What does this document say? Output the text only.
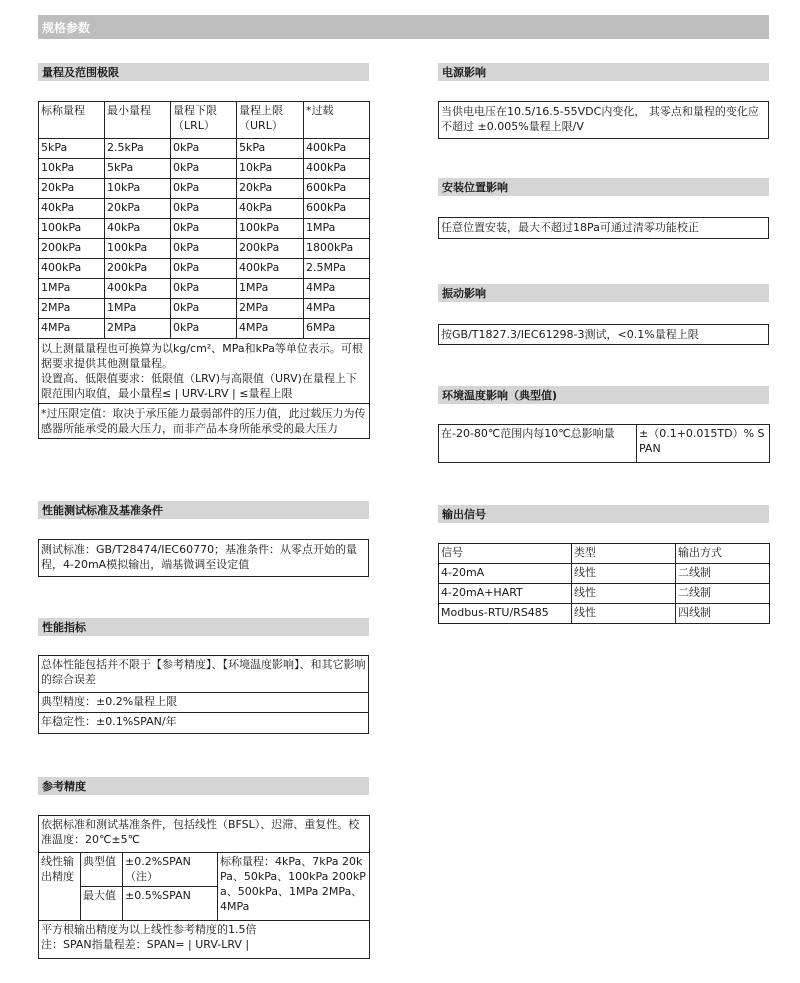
规格参数
量程及范围极限
标称量程	最小量程	量程下限（LRL）	量程上限（URL）	*过载
5kPa	2.5kPa	0kPa	5kPa	400kPa
10kPa	5kPa	0kPa	10kPa	400kPa
20kPa	10kPa	0kPa	20kPa	600kPa
40kPa	20kPa	0kPa	40kPa	600kPa
100kPa	40kPa	0kPa	100kPa	1MPa
200kPa	100kPa	0kPa	200kPa	1800kPa
400kPa	200kPa	0kPa	400kPa	2.5MPa
1MPa	400kPa	0kPa	1MPa	4MPa
2MPa	1MPa	0kPa	2MPa	4MPa
4MPa	2MPa	0kPa	4MPa	6MPa

以上测量量程也可换算为以kg/cm²、MPa和kPa等单位表示。可根据要求提供其他测量量程。
设置高、低限值要求：低限值（LRV)与高限值（URV)在量程上下限范围内取值，最小量程≤ | URV-LRV | ≤量程上限				

*过压限定值：取决于承压能力最弱部件的压力值，此过载压力为传感器所能承受的最大压力，而非产品本身所能承受的最大压力				
性能测试标准及基准条件
测试标准：GB/T28474/IEC60770；基准条件：从零点开始的量程，4-20mA模拟输出，端基微调至设定值
性能指标
总体性能包括并不限于【参考精度】、【环境温度影响】、和其它影响的综合误差
典型精度：±0.2%量程上限
年稳定性：±0.1%SPAN/年
参考精度
依据标准和测试基准条件，包括线性（BFSL）、迟滞、重复性。校准温度：20℃±5℃			
线性输出精度	典型值	±0.2%SPAN（注）	标称量程：4kPa、7kPa 20kPa、50kPa、100kPa 200kPa、500kPa、1MPa 2MPa、4MPa
	最大值	±0.5%SPAN	

平方根输出精度为以上线性参考精度的1.5倍
注：SPAN指量程差：SPAN= | URV-LRV |			
电源影响
当供电电压在10.5/16.5-55VDC内变化， 其零点和量程的变化应不超过 ±0.005%量程上限/V
安装位置影响
任意位置安装，最大不超过18Pa可通过清零功能校正
振动影响
按GB/T1827.3/IEC61298-3测试，<0.1%量程上限
环境温度影响（典型值)
在-20-80℃范围内每10℃总影响量	±（0.1+0.015TD）% SPAN
输出信号
信号	类型	输出方式
4-20mA	线性	二线制
4-20mA+HART	线性	二线制
Modbus-RTU/RS485	线性	四线制
